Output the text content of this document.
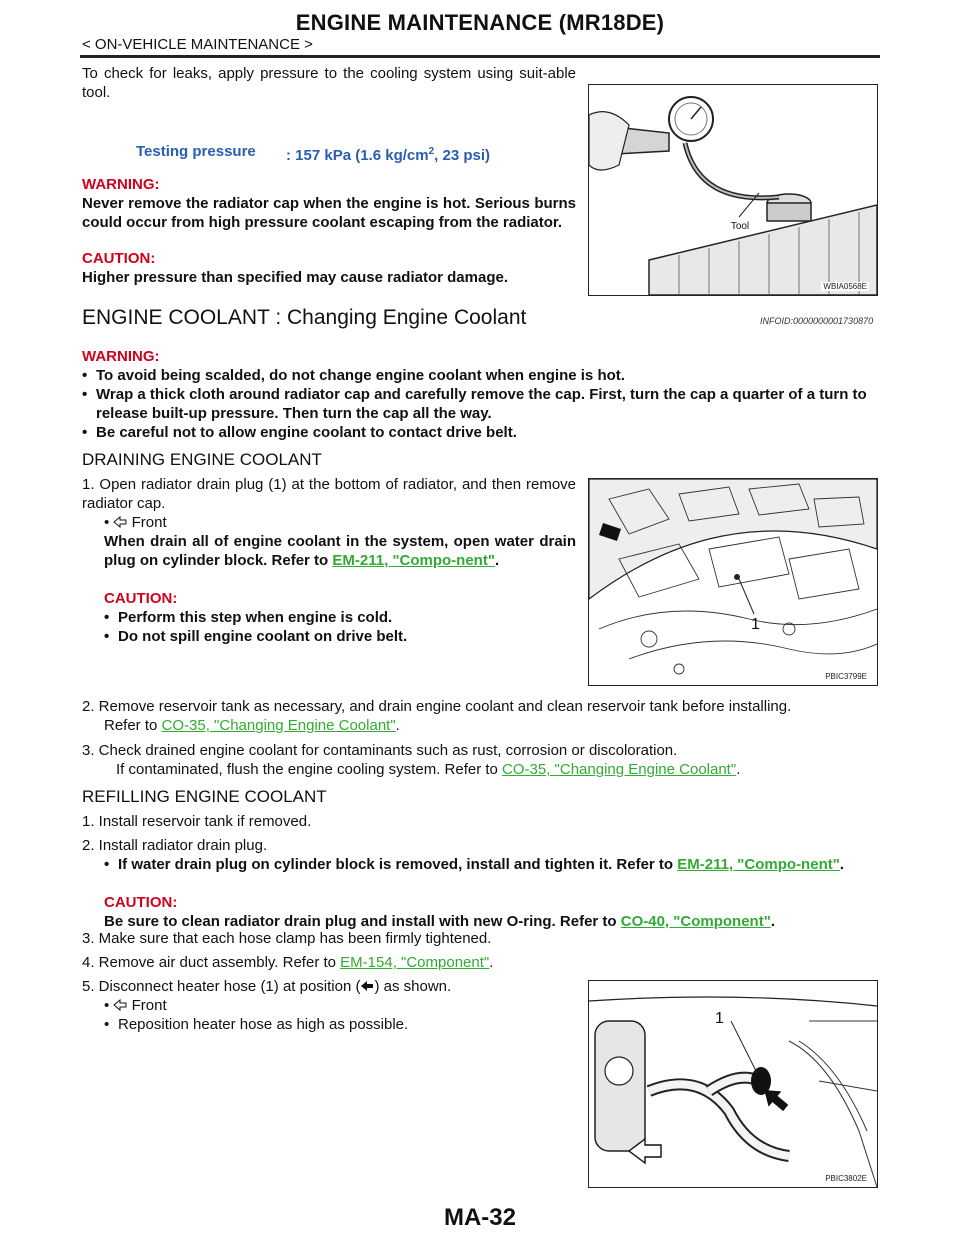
ENGINE MAINTENANCE (MR18DE)
< ON-VEHICLE MAINTENANCE >
To check for leaks, apply pressure to the cooling system using suit-able tool.
Testing pressure : 157 kPa (1.6 $kg/cm^2$, 23 psi)
WARNING:
Never remove the radiator cap when the engine is hot. Serious burns could occur from high pressure coolant escaping from the radiator.
CAUTION:
Higher pressure than specified may cause radiator damage.
Tool
WBIA0568E
ENGINE COOLANT : Changing Engine Coolant	INFOID:0000000001730870
WARNING:
• To avoid being scalded, do not change engine coolant when engine is hot.
• Wrap a thick cloth around radiator cap and carefully remove the cap. First, turn the cap a quarter of a turn to release built-up pressure. Then turn the cap all the way.
• Be careful not to allow engine coolant to contact drive belt.
DRAINING ENGINE COOLANT
1. Open radiator drain plug (1) at the bottom of radiator, and then remove radiator cap.
• Front
When drain all of engine coolant in the system, open water drain plug on cylinder block. Refer to EM-211, "Compo-nent".
CAUTION:
• Perform this step when engine is cold.
• Do not spill engine coolant on drive belt.
1
PBIC3799E
2. Remove reservoir tank as necessary, and drain engine coolant and clean reservoir tank before installing.
Refer to CO-35, "Changing Engine Coolant".
3. Check drained engine coolant for contaminants such as rust, corrosion or discoloration.
If contaminated, flush the engine cooling system. Refer to CO-35, "Changing Engine Coolant".
REFILLING ENGINE COOLANT
1. Install reservoir tank if removed.
2. Install radiator drain plug.
• If water drain plug on cylinder block is removed, install and tighten it. Refer to EM-211, "Compo-nent".
CAUTION:
Be sure to clean radiator drain plug and install with new O-ring. Refer to CO-40, "Component".
3. Make sure that each hose clamp has been firmly tightened.
4. Remove air duct assembly. Refer to EM-154, "Component".
5. Disconnect heater hose (1) at position ( ) as shown.
• Front
• Reposition heater hose as high as possible.	1
PBIC3802E
MA-32
